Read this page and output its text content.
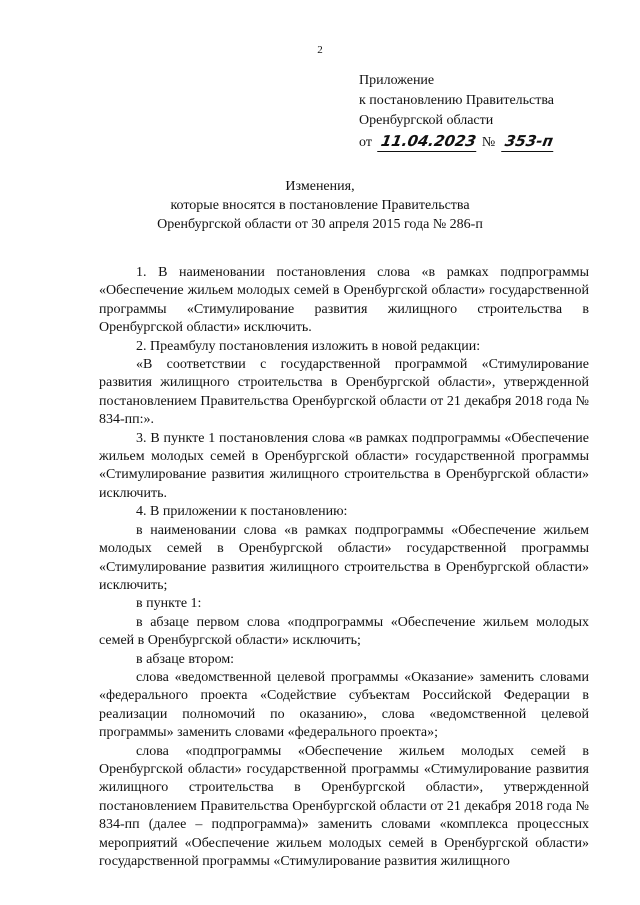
2
Приложение
к постановлению Правительства
Оренбургской области
от 11.04.2023 № 353-п
Изменения,
которые вносятся в постановление Правительства
Оренбургской области от 30 апреля 2015 года № 286-п

1. В наименовании постановления слова «в рамках подпрограммы «Обеспечение жильем молодых семей в Оренбургской области» государственной программы «Стимулирование развития жилищного строительства в Оренбургской области» исключить.

2. Преамбулу постановления изложить в новой редакции:

«В соответствии с государственной программой «Стимулирование развития жилищного строительства в Оренбургской области», утвержденной постановлением Правительства Оренбургской области от 21 декабря 2018 года № 834-пп:».

3. В пункте 1 постановления слова «в рамках подпрограммы «Обеспечение жильем молодых семей в Оренбургской области» государственной программы «Стимулирование развития жилищного строительства в Оренбургской области» исключить.

4. В приложении к постановлению:

в наименовании слова «в рамках подпрограммы «Обеспечение жильем молодых семей в Оренбургской области» государственной программы «Стимулирование развития жилищного строительства в Оренбургской области» исключить;

в пункте 1:

в абзаце первом слова «подпрограммы «Обеспечение жильем молодых семей в Оренбургской области» исключить;

в абзаце втором:

слова «ведомственной целевой программы «Оказание» заменить словами «федерального проекта «Содействие субъектам Российской Федерации в реализации полномочий по оказанию», слова «ведомственной целевой программы» заменить словами «федерального проекта»;

слова «подпрограммы «Обеспечение жильем молодых семей в Оренбургской области» государственной программы «Стимулирование развития жилищного строительства в Оренбургской области», утвержденной постановлением Правительства Оренбургской области от 21 декабря 2018 года № 834-пп (далее – подпрограмма)» заменить словами «комплекса процессных мероприятий «Обеспечение жильем молодых семей в Оренбургской области» государственной программы «Стимулирование развития жилищного
